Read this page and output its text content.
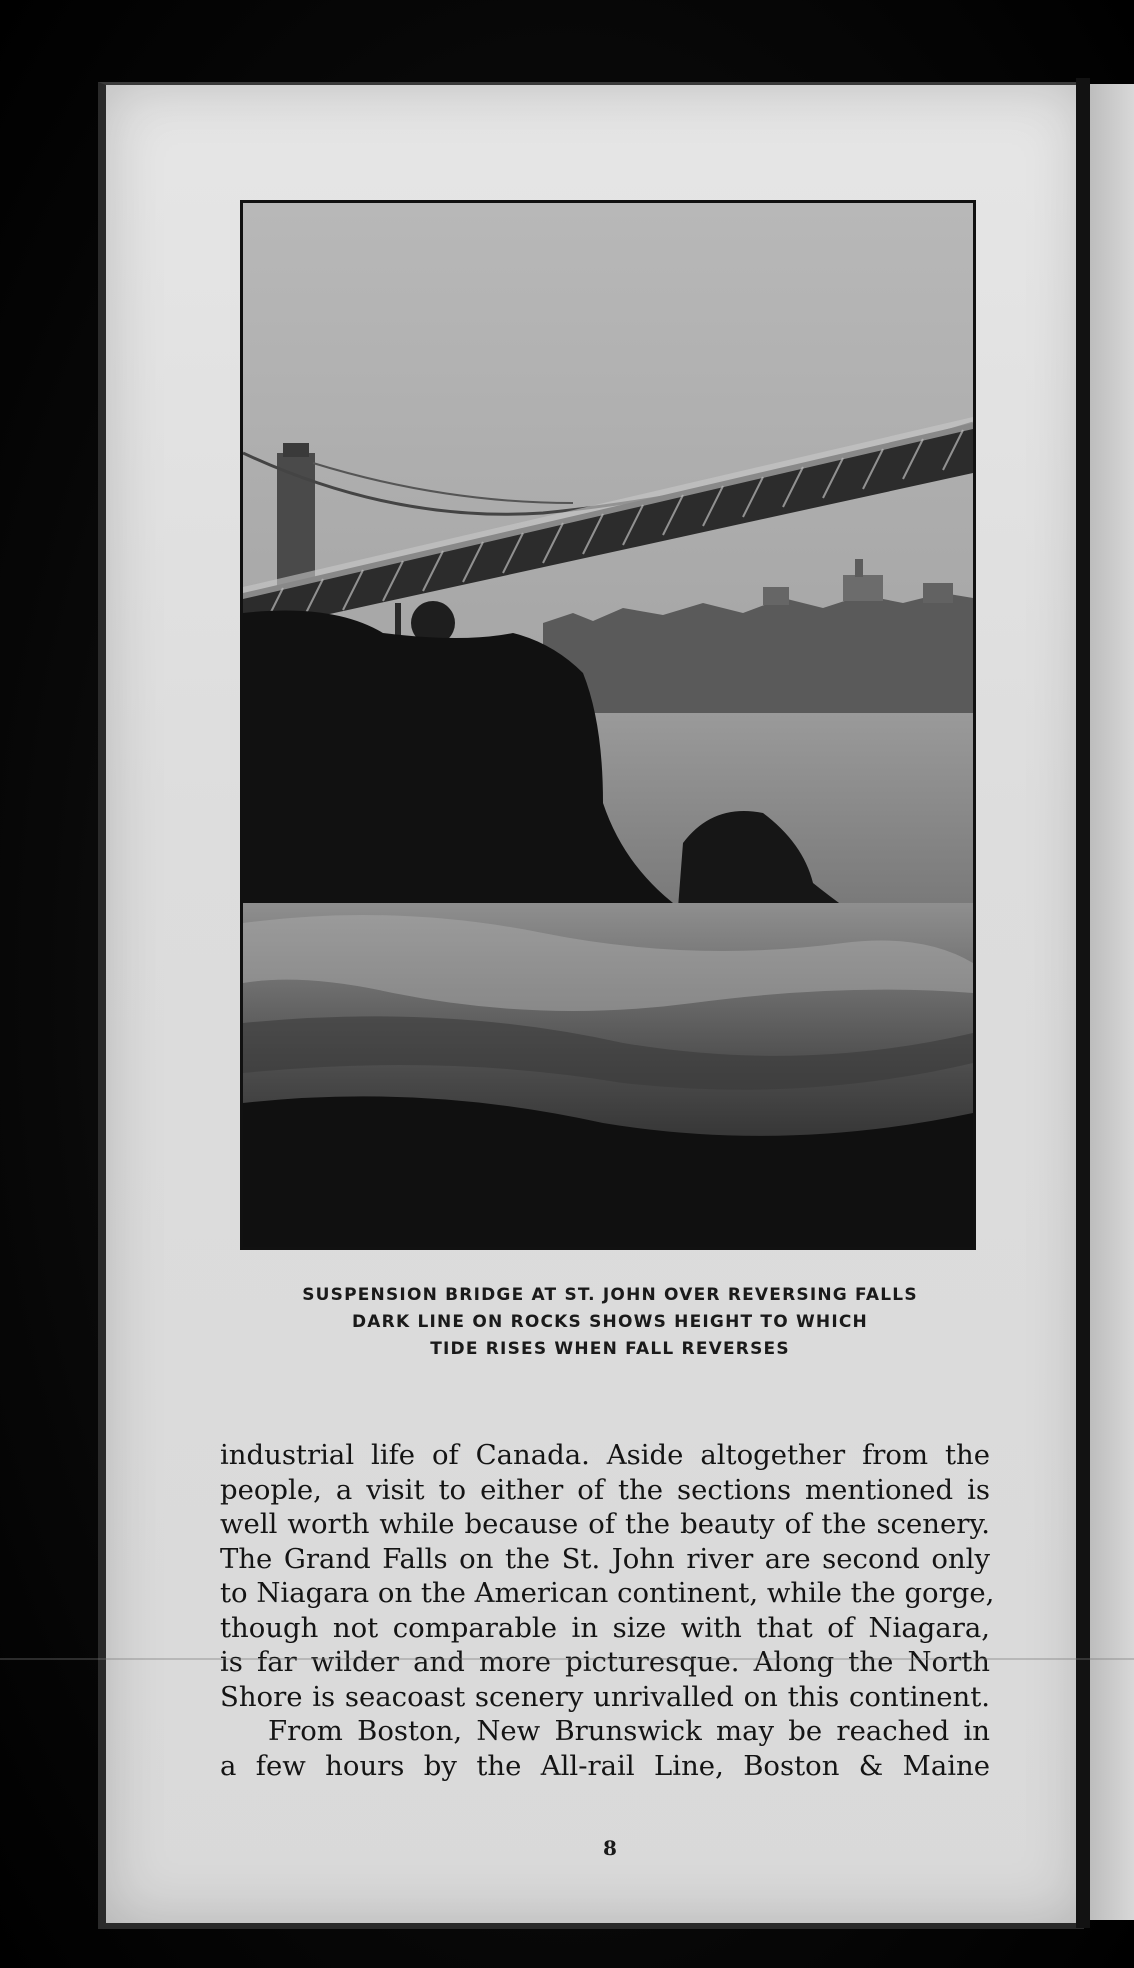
SUSPENSION BRIDGE AT ST. JOHN OVER REVERSING FALLS
DARK LINE ON ROCKS SHOWS HEIGHT TO WHICH
TIDE RISES WHEN FALL REVERSES
industrial life of Canada. Aside altogether from the
people, a visit to either of the sections mentioned is
well worth while because of the beauty of the scenery.
The Grand Falls on the St. John river are second only
to Niagara on the American continent, while the gorge,
though not comparable in size with that of Niagara,
is far wilder and more picturesque. Along the North
Shore is seacoast scenery unrivalled on this continent.
From Boston, New Brunswick may be reached in
a few hours by the All-rail Line, Boston & Maine
8
